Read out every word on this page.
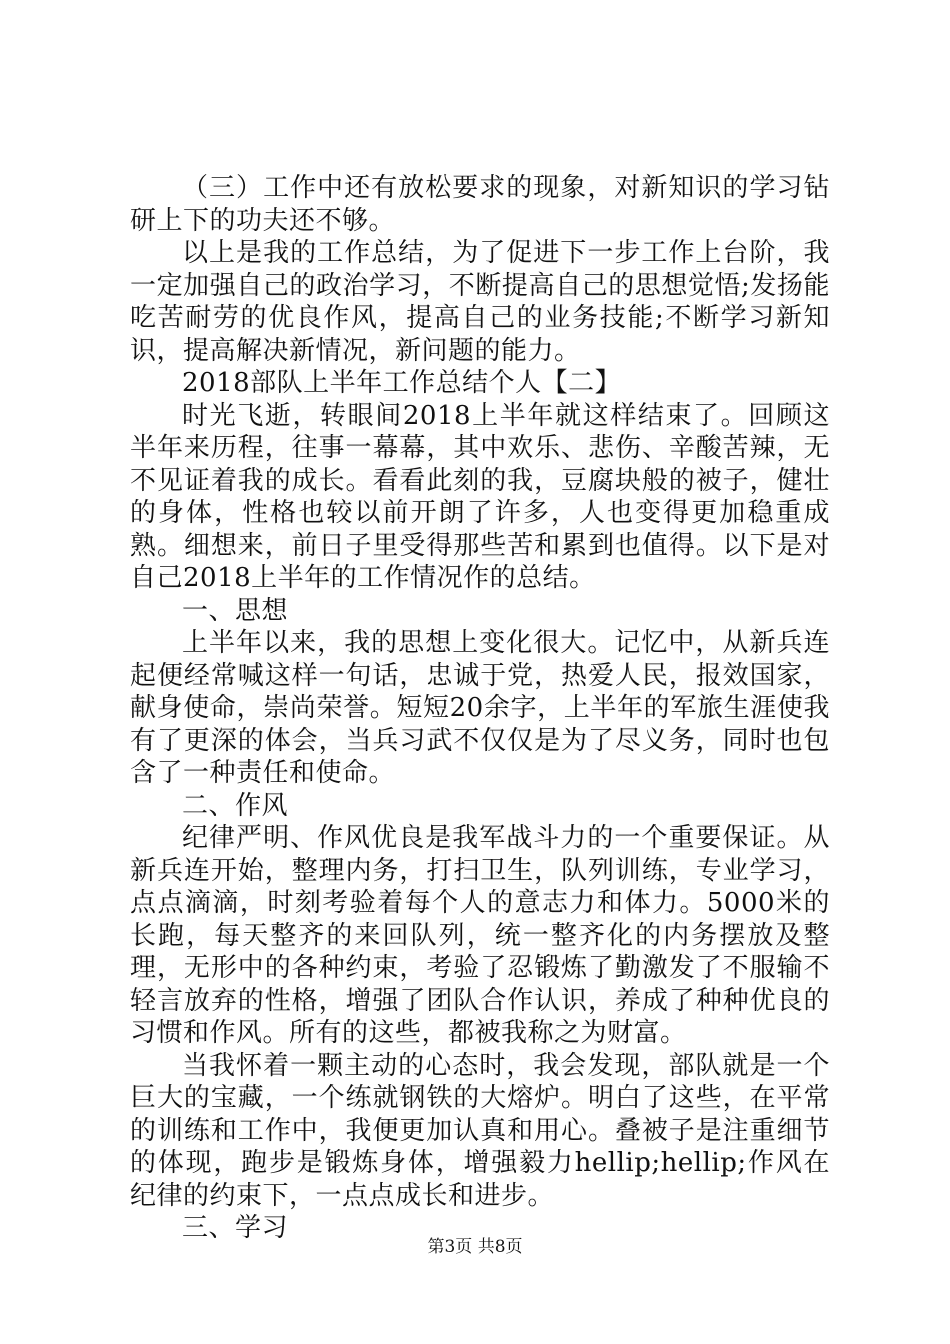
（三）工作中还有放松要求的现象，对新知识的学习钻研上下的功夫还不够。

以上是我的工作总结，为了促进下一步工作上台阶，我一定加强自己的政治学习，不断提高自己的思想觉悟;发扬能吃苦耐劳的优良作风，提高自己的业务技能;不断学习新知识，提高解决新情况，新问题的能力。

2018部队上半年工作总结个人【二】

时光飞逝，转眼间2018上半年就这样结束了。回顾这半年来历程，往事一幕幕，其中欢乐、悲伤、辛酸苦辣，无不见证着我的成长。看看此刻的我，豆腐块般的被子，健壮的身体，性格也较以前开朗了许多，人也变得更加稳重成熟。细想来，前日子里受得那些苦和累到也值得。以下是对自己2018上半年的工作情况作的总结。

一、思想

上半年以来，我的思想上变化很大。记忆中，从新兵连起便经常喊这样一句话，忠诚于党，热爱人民，报效国家，献身使命，崇尚荣誉。短短20余字，上半年的军旅生涯使我有了更深的体会，当兵习武不仅仅是为了尽义务，同时也包含了一种责任和使命。

二、作风

纪律严明、作风优良是我军战斗力的一个重要保证。从新兵连开始，整理内务，打扫卫生，队列训练，专业学习，点点滴滴，时刻考验着每个人的意志力和体力。5000米的长跑，每天整齐的来回队列，统一整齐化的内务摆放及整理，无形中的各种约束，考验了忍锻炼了勤激发了不服输不轻言放弃的性格，增强了团队合作认识，养成了种种优良的习惯和作风。所有的这些，都被我称之为财富。

当我怀着一颗主动的心态时，我会发现，部队就是一个巨大的宝藏，一个练就钢铁的大熔炉。明白了这些，在平常的训练和工作中，我便更加认真和用心。叠被子是注重细节的体现，跑步是锻炼身体，增强毅力hellip;hellip;作风在纪律的约束下，一点点成长和进步。

三、学习

第3页 共8页
